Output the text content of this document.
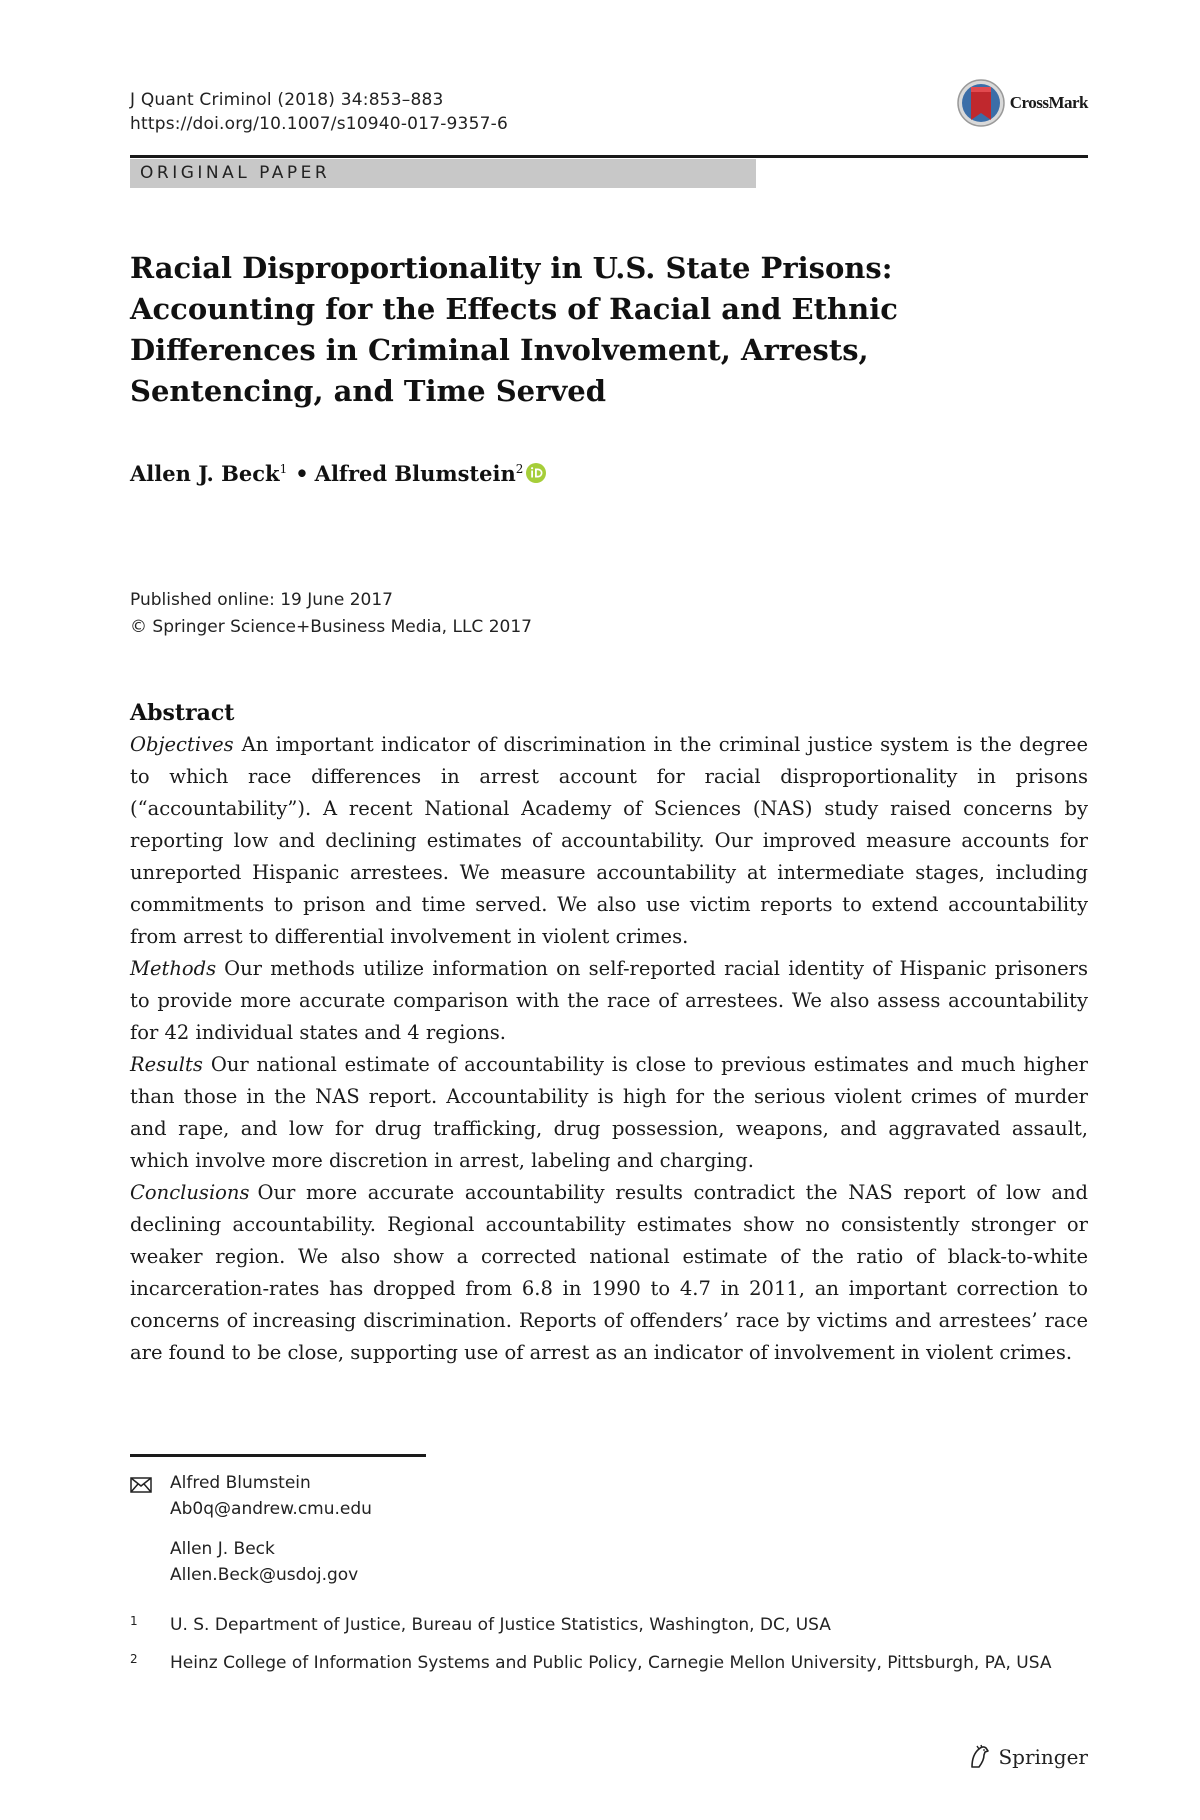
J Quant Criminol (2018) 34:853–883
https://doi.org/10.1007/s10940-017-9357-6
CrossMark
ORIGINAL PAPER
Racial Disproportionality in U.S. State Prisons:
Accounting for the Effects of Racial and Ethnic
Differences in Criminal Involvement, Arrests,
Sentencing, and Time Served
Allen J. Beck$^1$ • Alfred Blumstein$^2$
Published online: 19 June 2017
© Springer Science+Business Media, LLC 2017
Abstract

Objectives An important indicator of discrimination in the criminal justice system is the degree to which race differences in arrest account for racial disproportionality in prisons (“accountability”). A recent National Academy of Sciences (NAS) study raised concerns by reporting low and declining estimates of accountability. Our improved measure accounts for unreported Hispanic arrestees. We measure accountability at intermediate stages, including commitments to prison and time served. We also use victim reports to extend accountability from arrest to differential involvement in violent crimes.

Methods Our methods utilize information on self-reported racial identity of Hispanic prisoners to provide more accurate comparison with the race of arrestees. We also assess accountability for 42 individual states and 4 regions.

Results Our national estimate of accountability is close to previous estimates and much higher than those in the NAS report. Accountability is high for the serious violent crimes of murder and rape, and low for drug trafficking, drug possession, weapons, and aggravated assault, which involve more discretion in arrest, labeling and charging.

Conclusions Our more accurate accountability results contradict the NAS report of low and declining accountability. Regional accountability estimates show no consistently stronger or weaker region. We also show a corrected national estimate of the ratio of black-to-white incarceration-rates has dropped from 6.8 in 1990 to 4.7 in 2011, an important correction to concerns of increasing discrimination. Reports of offenders’ race by victims and arrestees’ race are found to be close, supporting use of arrest as an indicator of involvement in violent crimes.

Alfred Blumstein
Ab0q@andrew.cmu.edu
Allen J. Beck
Allen.Beck@usdoj.gov
1 U. S. Department of Justice, Bureau of Justice Statistics, Washington, DC, USA
2 Heinz College of Information Systems and Public Policy, Carnegie Mellon University, Pittsburgh, PA, USA
Springer
